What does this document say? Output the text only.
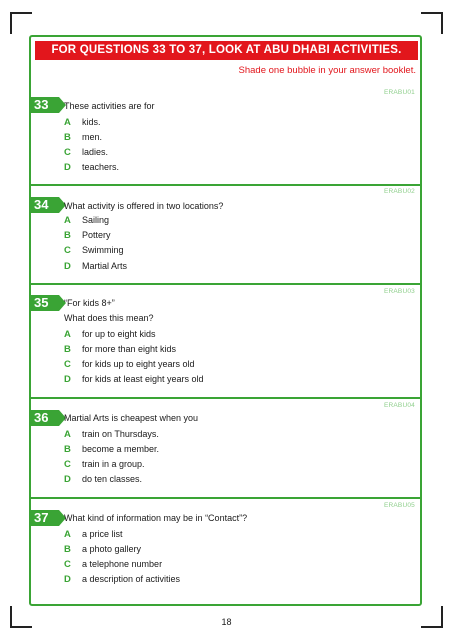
FOR QUESTIONS 33 TO 37, LOOK AT ABU DHABI ACTIVITIES.
Shade one bubble in your answer booklet.
ERABU01
33	These activities are for
A kids.
B men.
C ladies.
D teachers.
ERABU02
34	What activity is offered in two locations?
A Sailing
B Pottery
C Swimming
D Martial Arts
ERABU03
35	“For kids 8+”
What does this mean?
A for up to eight kids
B for more than eight kids
C for kids up to eight years old
D for kids at least eight years old
ERABU04
36	Martial Arts is cheapest when you
A train on Thursdays.
B become a member.
C train in a group.
D do ten classes.
ERABU05
37	What kind of information may be in “Contact”?
A a price list
B a photo gallery
C a telephone number
D a description of activities
18
